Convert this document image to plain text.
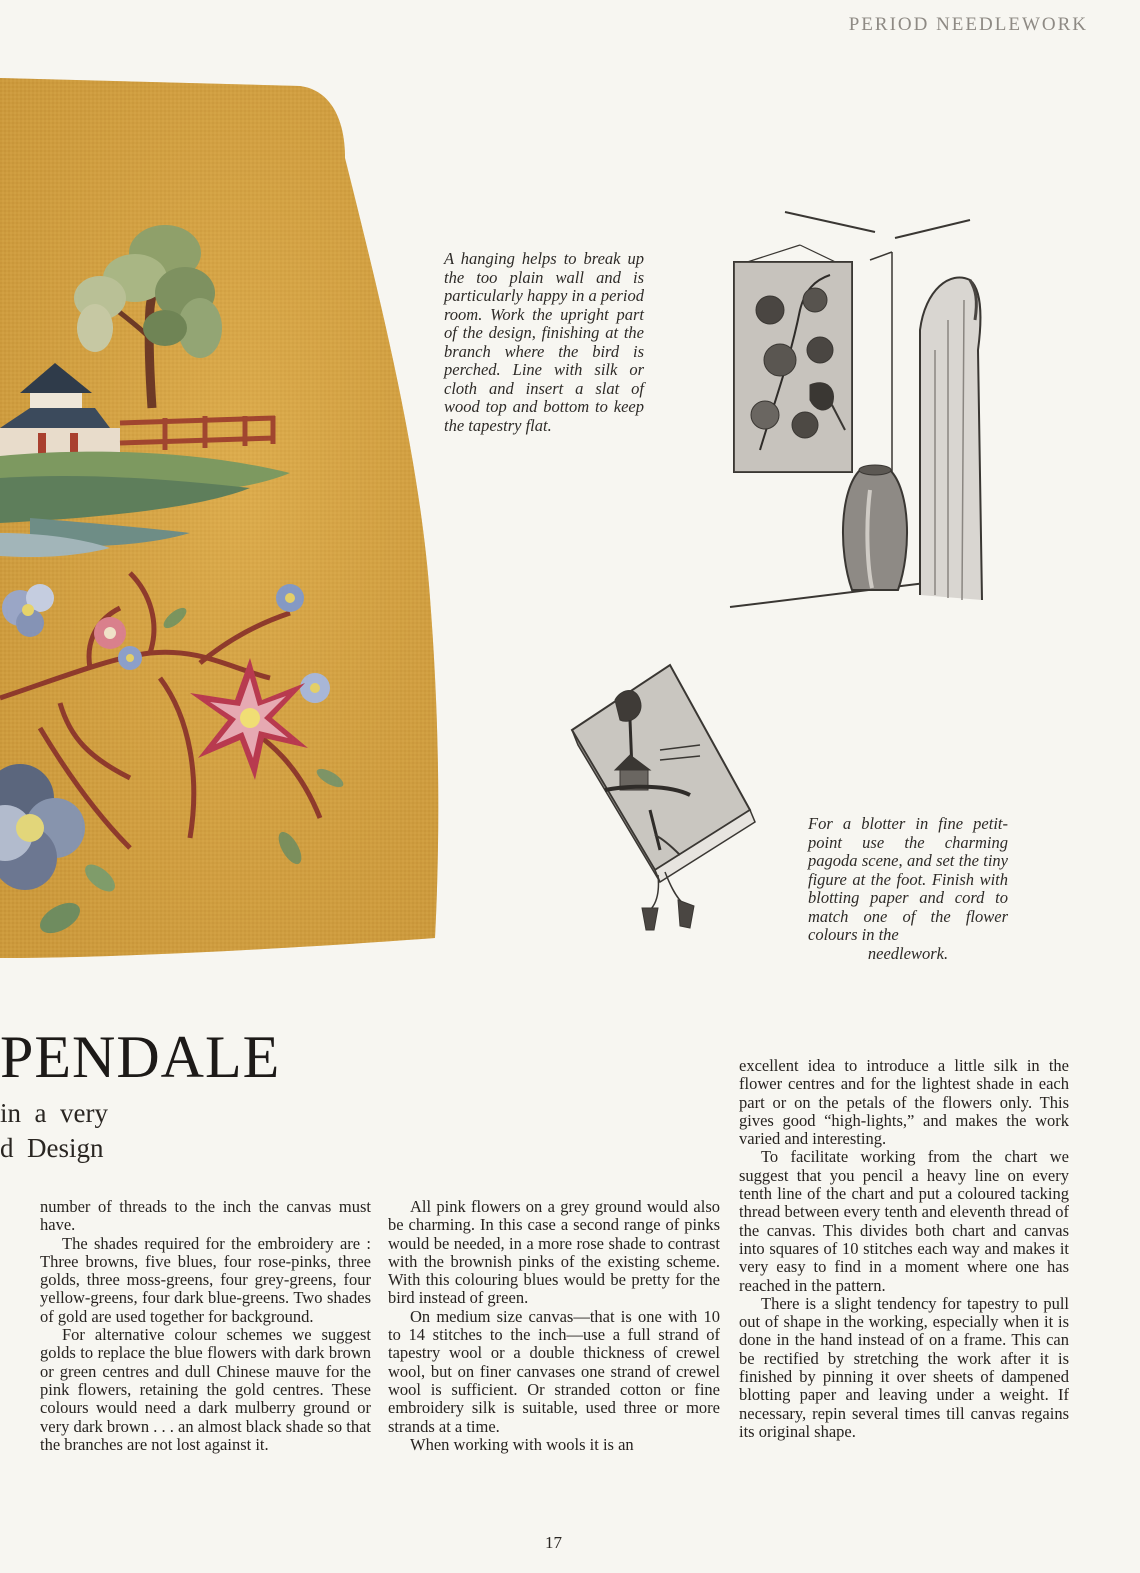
PERIOD NEEDLEWORK
A hanging helps to break up the too plain wall and is particularly happy in a period room. Work the upright part of the design, finishing at the branch where the bird is perched. Line with silk or cloth and insert a slat of wood top and bottom to keep the tapestry flat.
For a blotter in fine petit-point use the charming pagoda scene, and set the tiny figure at the foot. Finish with blotting paper and cord to match one of the flower colours in the
needlework.
PENDALE
in  a  very
d  Design

number of threads to the inch the canvas must have.

The shades required for the embroidery are : Three browns, five blues, four rose-pinks, three golds, three moss-greens, four grey-greens, four yellow-greens, four dark blue-greens. Two shades of gold are used together for background.

For alternative colour schemes we suggest golds to replace the blue flowers with dark brown or green centres and dull Chinese mauve for the pink flowers, retaining the gold centres. These colours would need a dark mulberry ground or very dark brown . . . an almost black shade so that the branches are not lost against it.

All pink flowers on a grey ground would also be charming. In this case a second range of pinks would be needed, in a more rose shade to contrast with the brownish pinks of the existing scheme. With this colouring blues would be pretty for the bird instead of green.

On medium size canvas—that is one with 10 to 14 stitches to the inch—use a full strand of tapestry wool or a double thickness of crewel wool, but on finer canvases one strand of crewel wool is sufficient. Or stranded cotton or fine embroidery silk is suitable, used three or more strands at a time.

When working with wools it is an

excellent idea to introduce a little silk in the flower centres and for the lightest shade in each part or on the petals of the flowers only. This gives good “high-lights,” and makes the work varied and interesting.

To facilitate working from the chart we suggest that you pencil a heavy line on every tenth line of the chart and put a coloured tacking thread between every tenth and eleventh thread of the canvas. This divides both chart and canvas into squares of 10 stitches each way and makes it very easy to find in a moment where one has reached in the pattern.

There is a slight tendency for tapestry to pull out of shape in the working, especially when it is done in the hand instead of on a frame. This can be rectified by stretching the work after it is finished by pinning it over sheets of dampened blotting paper and leaving under a weight. If necessary, repin several times till canvas regains its original shape.

17
